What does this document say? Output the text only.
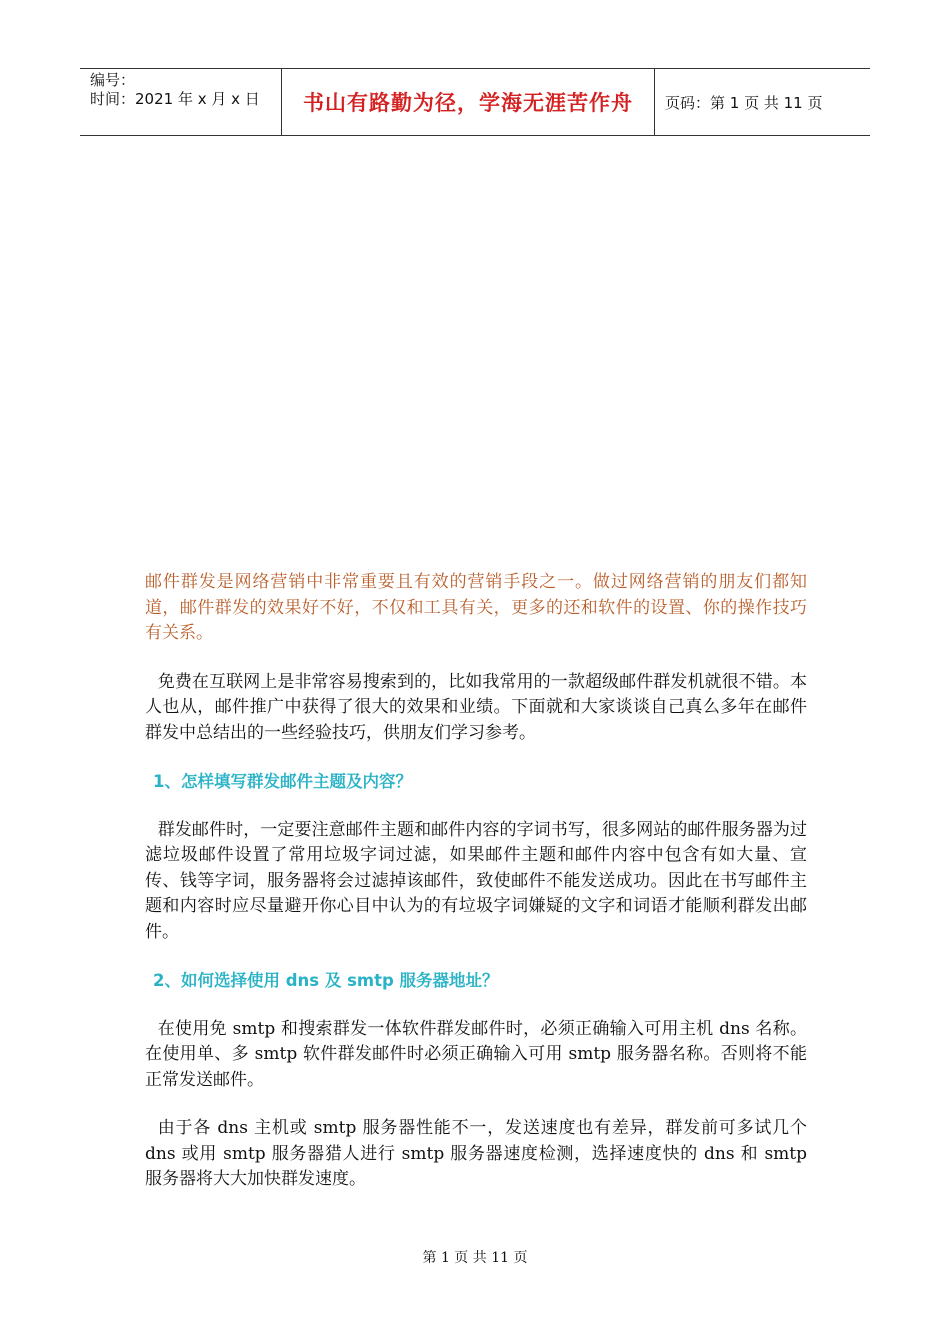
编号：
时间：2021 年 x 月 x 日	书山有路勤为径，学海无涯苦作舟 页码：第 1 页 共 11 页

邮件群发是网络营销中非常重要且有效的营销手段之一。做过网络营销的朋友们都知道，邮件群发的效果好不好，不仅和工具有关，更多的还和软件的设置、你的操作技巧有关系。

免费在互联网上是非常容易搜索到的，比如我常用的一款超级邮件群发机就很不错。本人也从，邮件推广中获得了很大的效果和业绩。下面就和大家谈谈自己真么多年在邮件群发中总结出的一些经验技巧，供朋友们学习参考。

1、怎样填写群发邮件主题及内容？

群发邮件时，一定要注意邮件主题和邮件内容的字词书写，很多网站的邮件服务器为过滤垃圾邮件设置了常用垃圾字词过滤，如果邮件主题和邮件内容中包含有如大量、宣传、钱等字词，服务器将会过滤掉该邮件，致使邮件不能发送成功。因此在书写邮件主题和内容时应尽量避开你心目中认为的有垃圾字词嫌疑的文字和词语才能顺利群发出邮件。

2、如何选择使用 dns 及 smtp 服务器地址？

在使用免 smtp 和搜索群发一体软件群发邮件时，必须正确输入可用主机 dns 名称。在使用单、多 smtp 软件群发邮件时必须正确输入可用 smtp 服务器名称。否则将不能正常发送邮件。

由于各 dns 主机或 smtp 服务器性能不一，发送速度也有差异，群发前可多试几个 dns 或用 smtp 服务器猎人进行 smtp 服务器速度检测，选择速度快的 dns 和 smtp 服务器将大大加快群发速度。

第 1 页 共 11 页
